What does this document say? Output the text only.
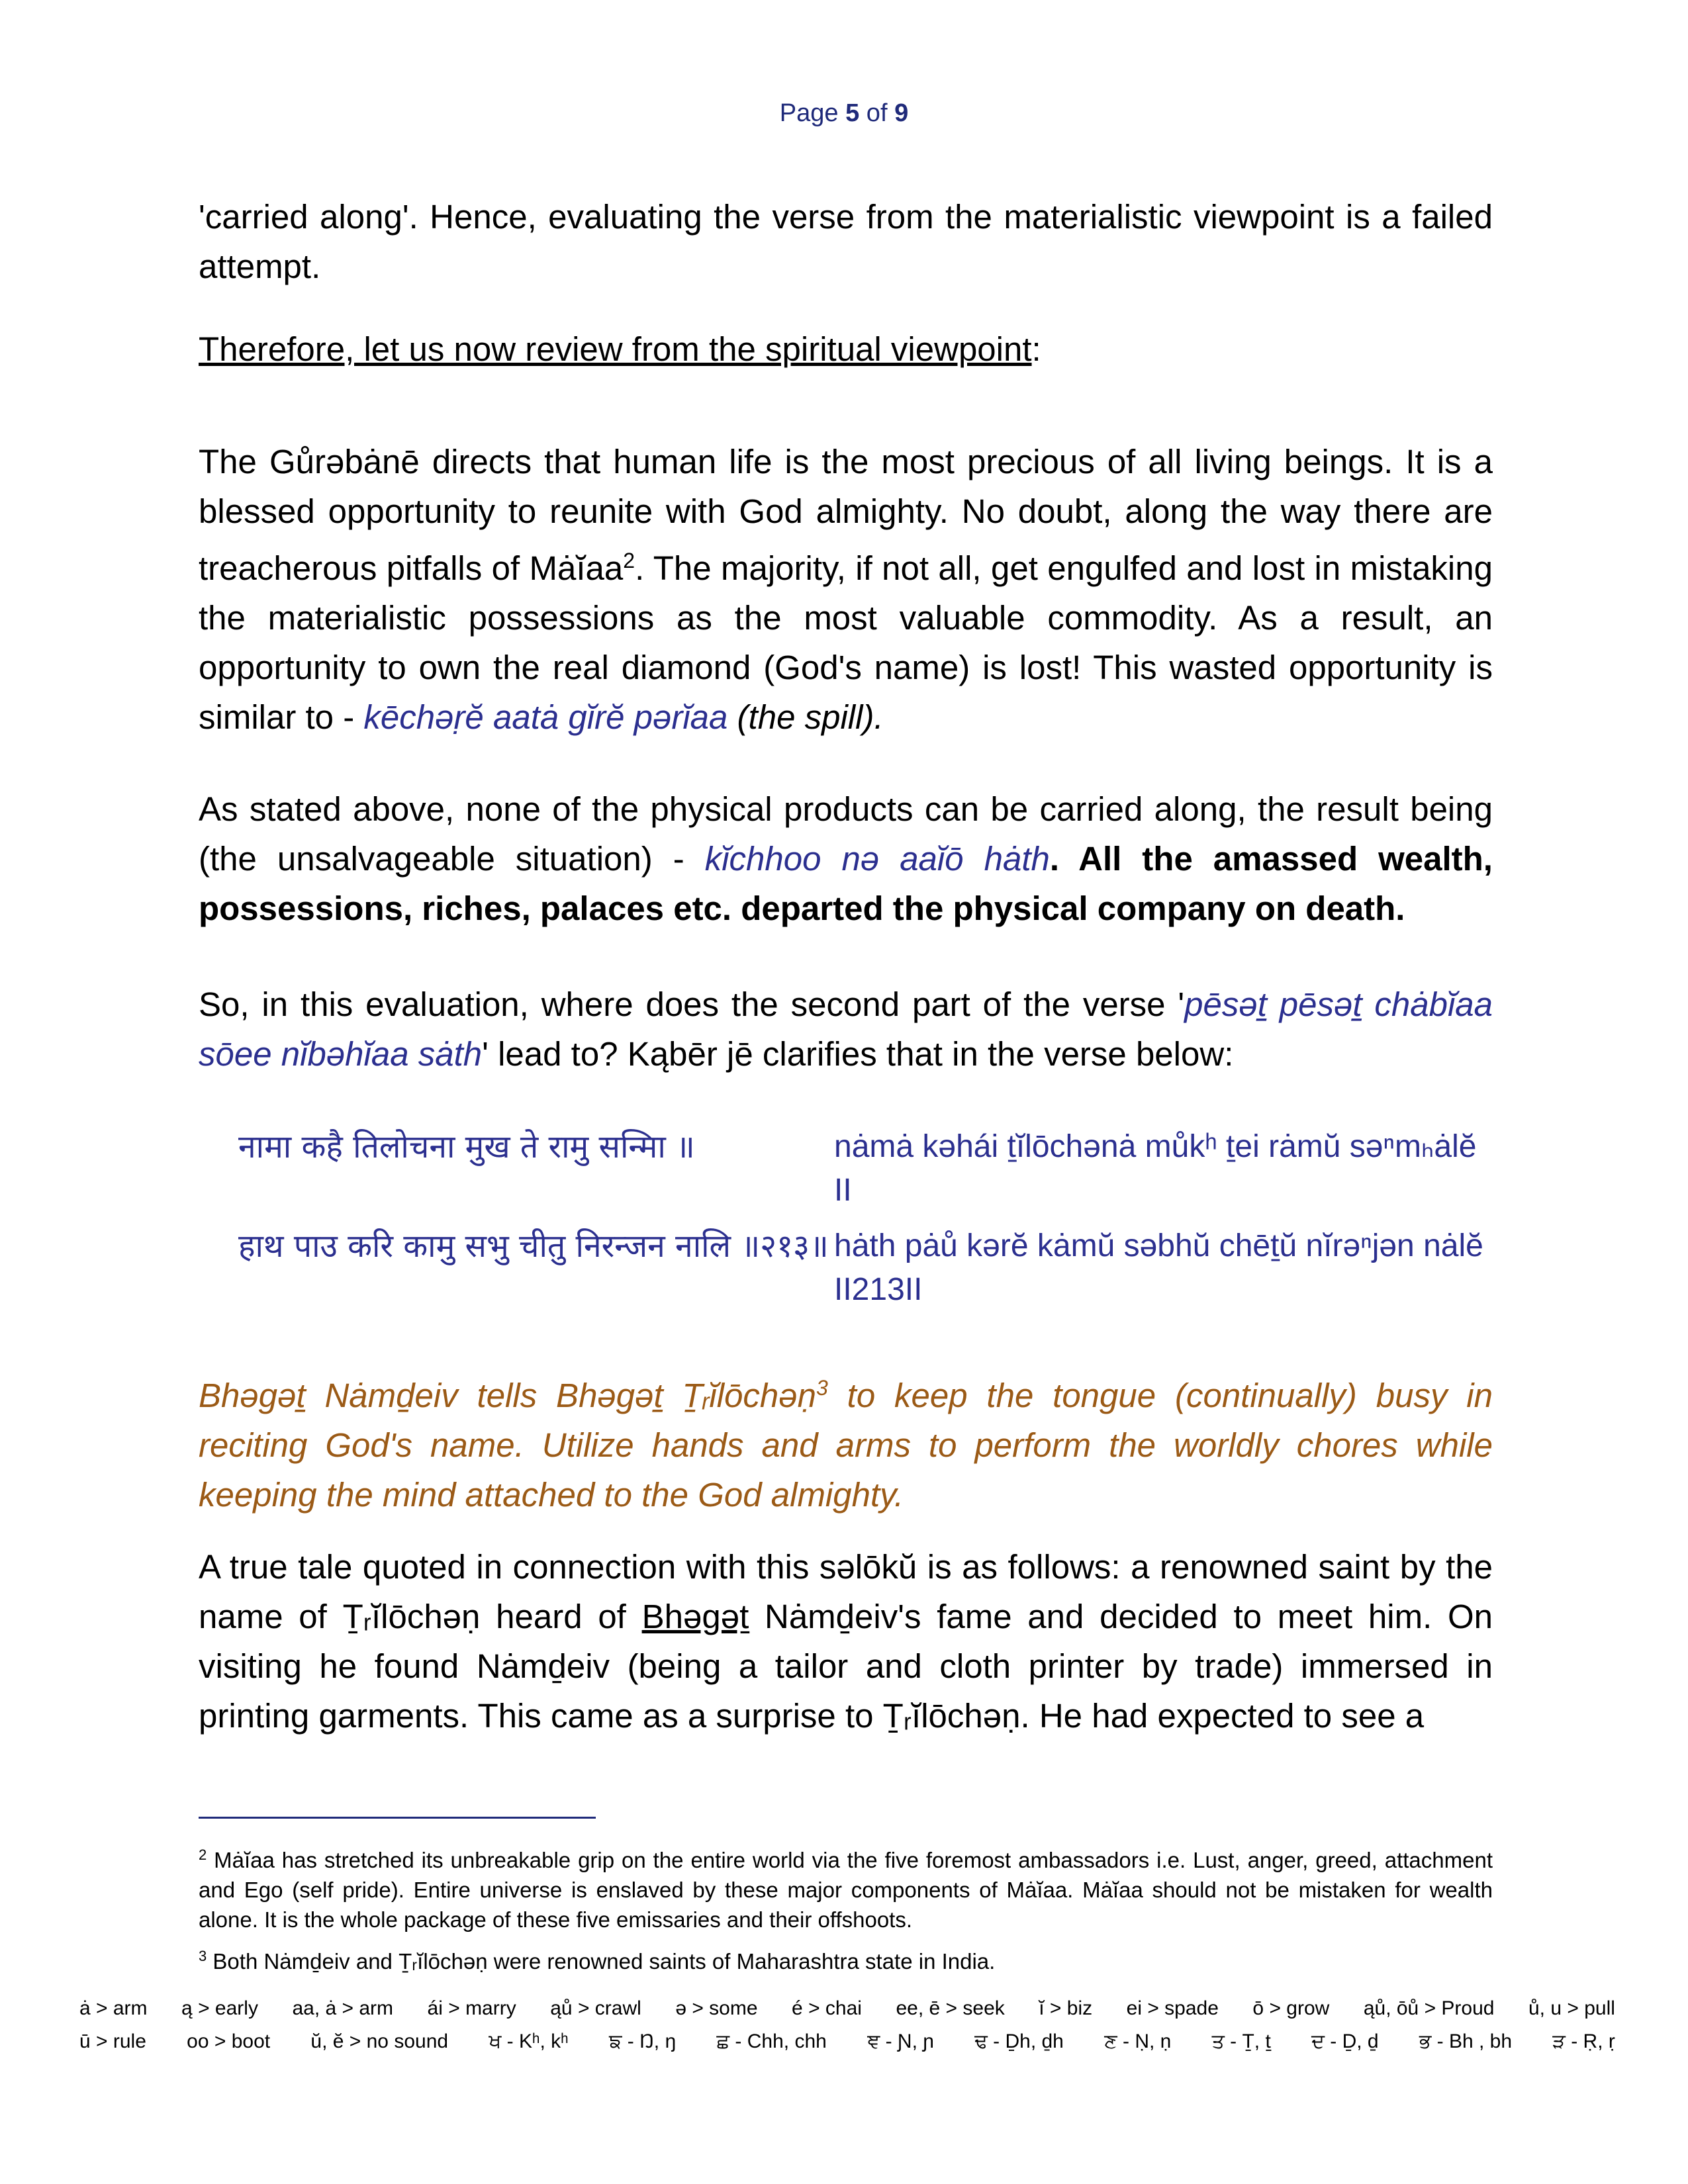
Page 5 of 9
'carried along'. Hence, evaluating the verse from the materialistic viewpoint is a failed attempt.
Therefore, let us now review from the spiritual viewpoint:
The Gůrəbȧnē directs that human life is the most precious of all living beings. It is a blessed opportunity to reunite with God almighty. No doubt, along the way there are treacherous pitfalls of Mȧĭaa$^2$. The majority, if not all, get engulfed and lost in mistaking the materialistic possessions as the most valuable commodity. As a result, an opportunity to own the real diamond (God's name) is lost! This wasted opportunity is similar to - kēchəṛĕ aatȧ gĭrĕ pərĭaa (the spill).
As stated above, none of the physical products can be carried along, the result being (the unsalvageable situation) - kĭchhoo nə aaĭō hȧth. All the amassed wealth, possessions, riches, palaces etc. departed the physical company on death.
So, in this evaluation, where does the second part of the verse 'pēsəṯ pēsəṯ chȧbĭaa sōee nĭbəhĭaa sȧth' lead to? Kąbēr jē clarifies that in the verse below:
नामा कहै तिलोचना मुख ते रामु सन्माि ॥	nȧmȧ kəhái ṯĭlōchənȧ můkʰ ṯei rȧmŭ səⁿmₕȧlĕ II
हाथ पाउ करि कामु सभु चीतु निरन्जन नालि ॥२१३॥ hȧth pȧů kərĕ kȧmŭ səbhŭ chēṯŭ nĭrəⁿjən nȧlĕ II213II
Bhəgəṯ Nȧmḏeiv tells Bhəgəṯ Ṯᵣĭlōchəṇ$^3$ to keep the tongue (continually) busy in reciting God's name. Utilize hands and arms to perform the worldly chores while keeping the mind attached to the God almighty.
A true tale quoted in connection with this səlōkŭ is as follows: a renowned saint by the name of Ṯᵣĭlōchəṇ heard of Bhəgəṯ Nȧmḏeiv's fame and decided to meet him. On visiting he found Nȧmḏeiv (being a tailor and cloth printer by trade) immersed in printing garments. This came as a surprise to Ṯᵣĭlōchəṇ. He had expected to see a

$^2$ Mȧĭaa has stretched its unbreakable grip on the entire world via the five foremost ambassadors i.e. Lust, anger, greed, attachment and Ego (self pride). Entire universe is enslaved by these major components of Mȧĭaa. Mȧĭaa should not be mistaken for wealth alone. It is the whole package of these five emissaries and their offshoots.

$^3$ Both Nȧmḏeiv and Ṯᵣĭlōchəṇ were renowned saints of Maharashtra state in India.

ȧ > arm ą > early aa, ȧ > arm ái > marry ąů > crawl ə > some é > chai ee, ē > seek ĭ > biz ei > spade ō > grow ąů, ōů > Proud ů, u > pull
ū > rule oo > boot ŭ, ĕ > no sound ਖ - Kʰ, kʰ ਙ - Ŋ, ŋ ਛ - Chh, chh ਞ - Ɲ, ɲ ਢ - Ḏh, ḏh ਣ - Ṇ, ṇ ਤ - Ṯ, ṯ ਦ - Ḏ, ḏ ਭ - Bh , bh ੜ - Ṛ, ṛ
